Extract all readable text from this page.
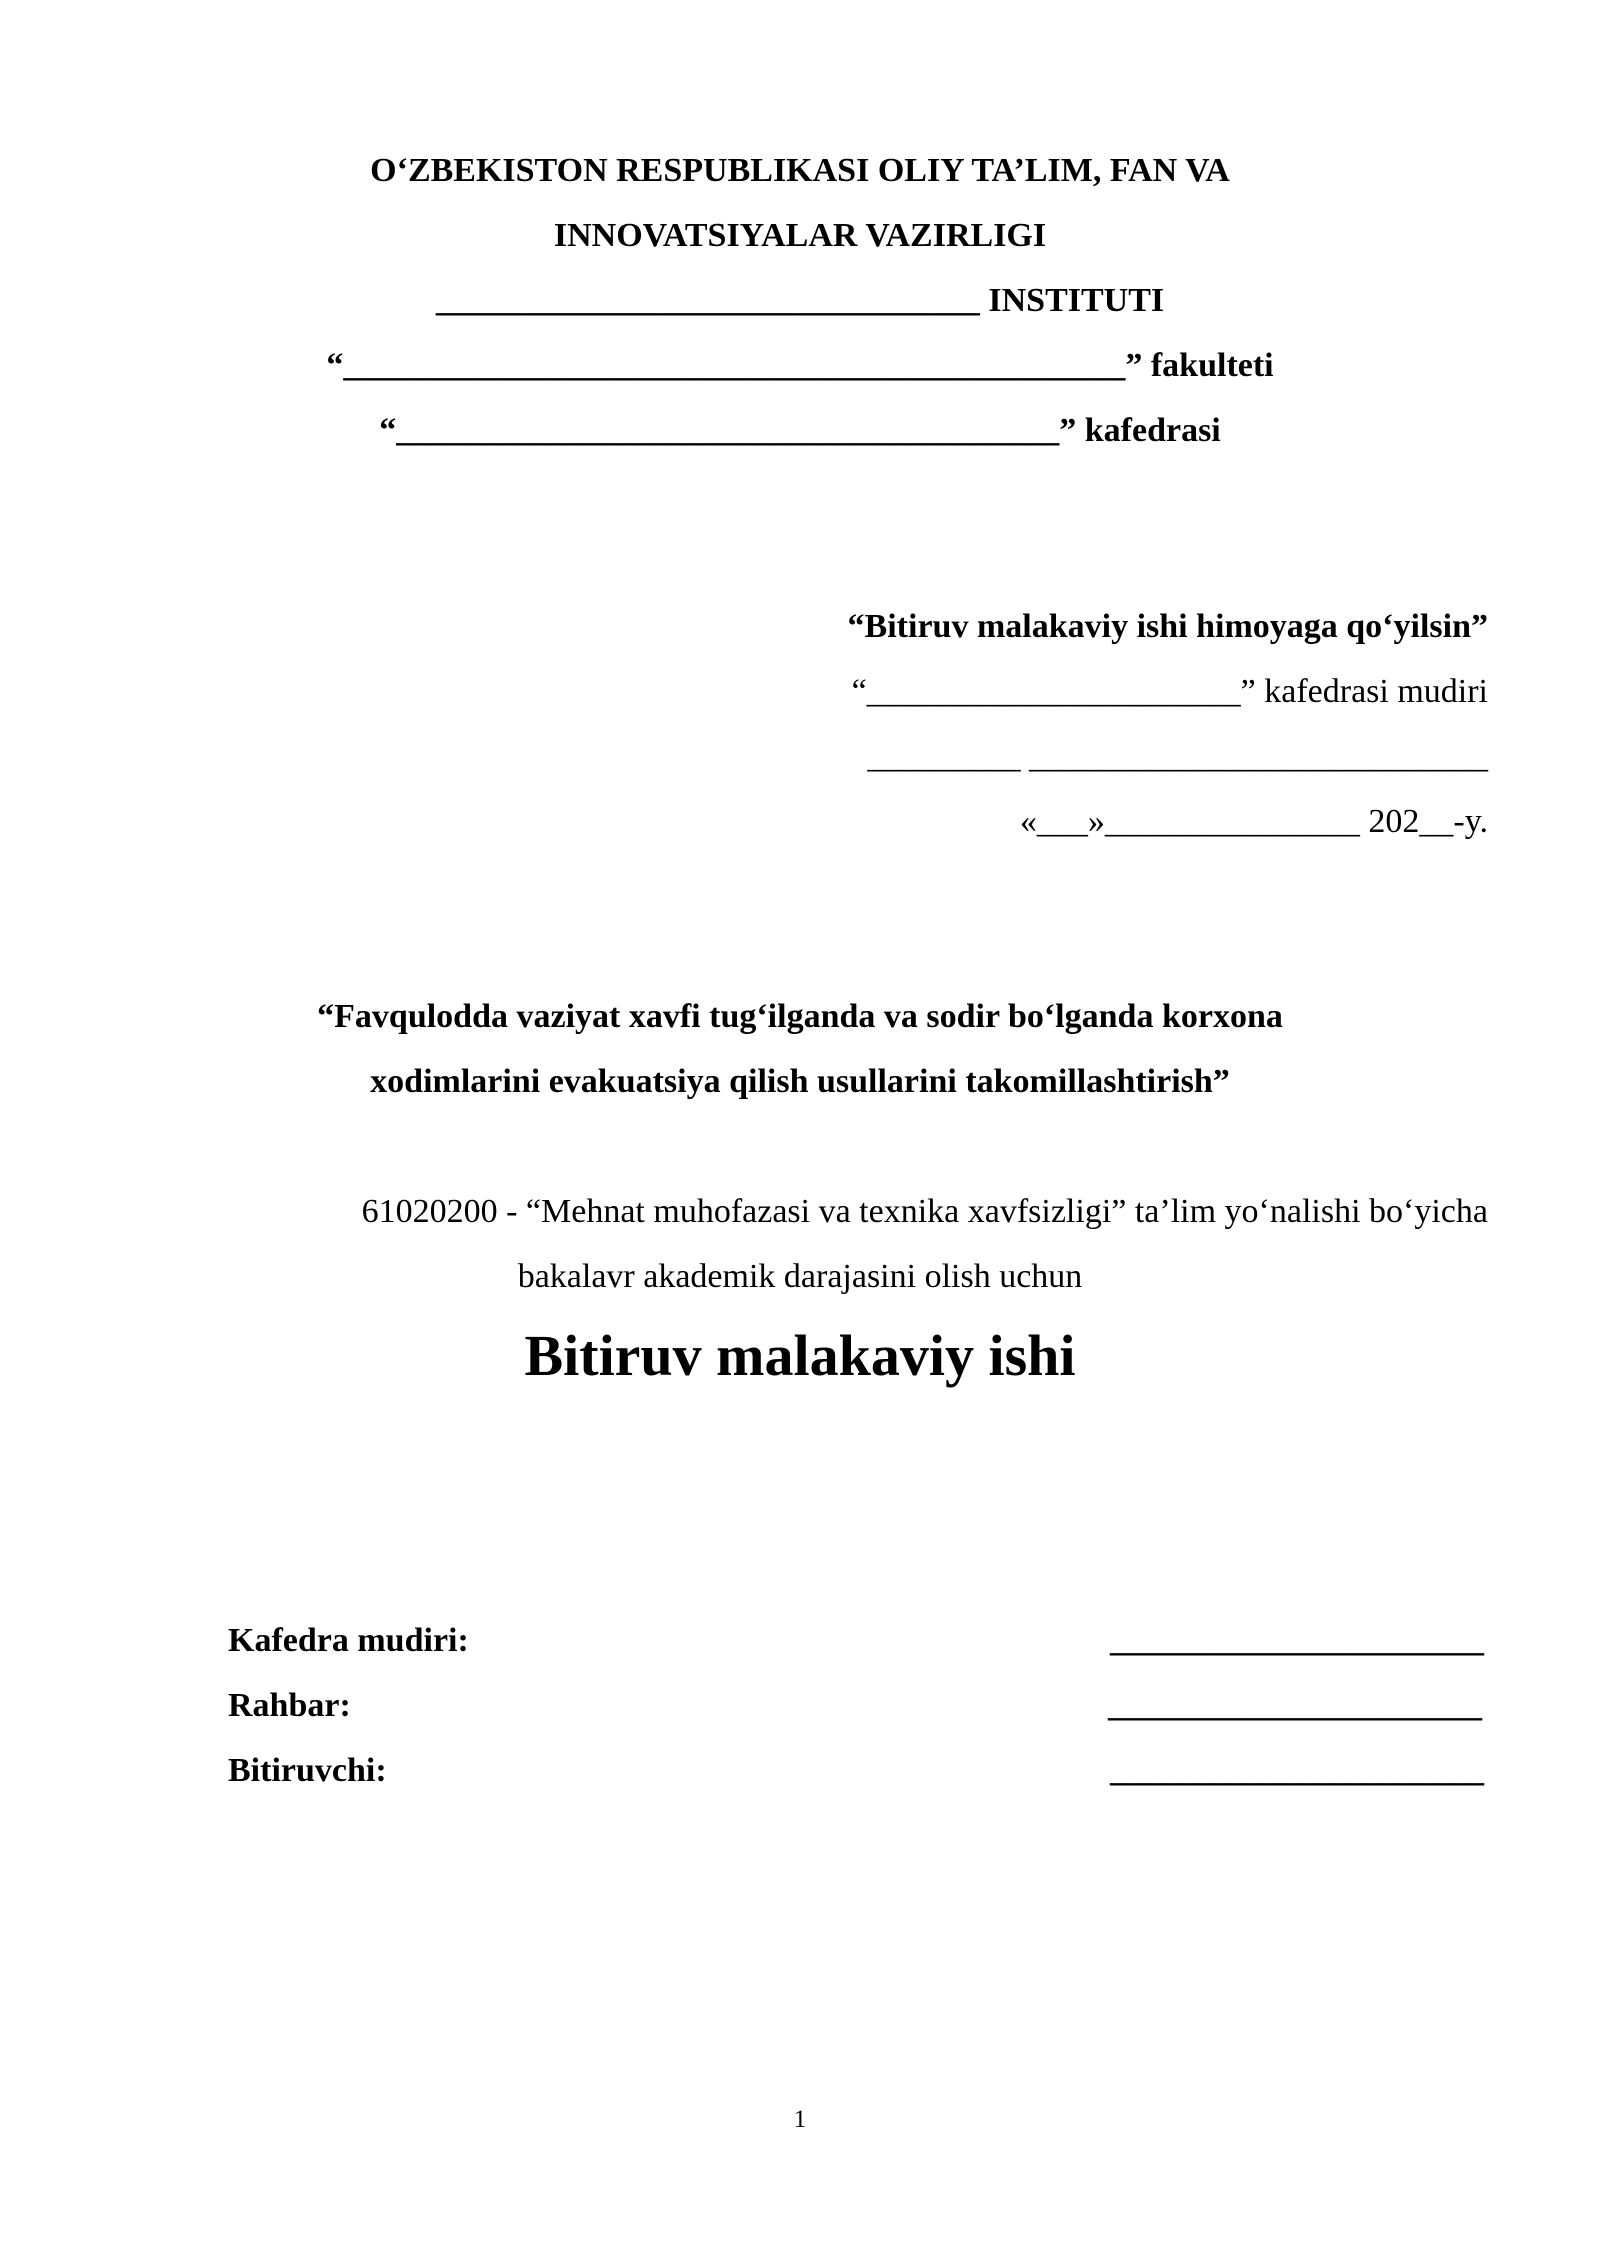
O‘ZBEKISTON RESPUBLIKASI OLIY TA’LIM, FAN VA
INNOVATSIYALAR VAZIRLIGI
________________________________ INSTITUTI
“______________________________________________” fakulteti
“_______________________________________” kafedrasi
“Bitiruv malakaviy ishi himoyaga qo‘yilsin”
“______________________” kafedrasi mudiri
_________ ___________________________
«___»_______________ 202__-y.
“Favqulodda vaziyat xavfi tug‘ilganda va sodir bo‘lganda korxona
xodimlarini evakuatsiya qilish usullarini takomillashtirish”
61020200 - “Mehnat muhofazasi va texnika xavfsizligi” ta’lim yo‘nalishi bo‘yicha
bakalavr akademik darajasini olish uchun
Bitiruv malakaviy ishi
Kafedra mudiri:	______________________
Rahbar:	______________________
Bitiruvchi:	______________________
1
